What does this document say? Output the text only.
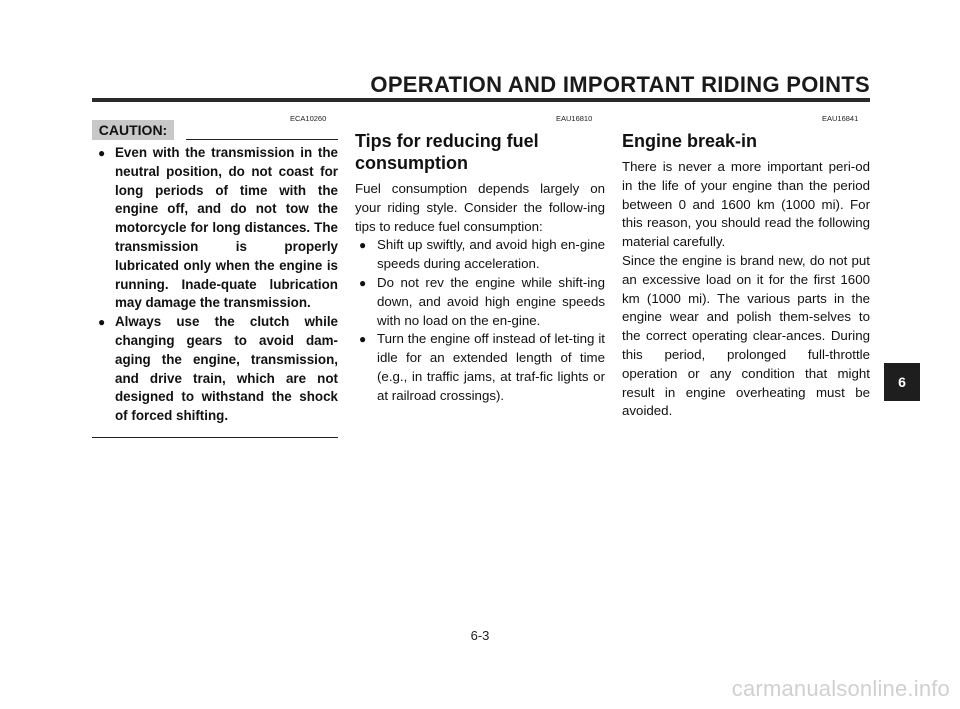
OPERATION AND IMPORTANT RIDING POINTS
ECA10260
CAUTION:
● Even with the transmission in the neutral position, do not coast for long periods of time with the engine off, and do not tow the motorcycle for long distances. The transmission is properly lubricated only when the engine is running. Inade-quate lubrication may damage the transmission.
● Always use the clutch while changing gears to avoid dam-aging the engine, transmission, and drive train, which are not designed to withstand the shock of forced shifting.
EAU16810
Tips for reducing fuel consumption

Fuel consumption depends largely on your riding style. Consider the follow-ing tips to reduce fuel consumption:

● Shift up swiftly, and avoid high en-gine speeds during acceleration.
● Do not rev the engine while shift-ing down, and avoid high engine speeds with no load on the en-gine.
● Turn the engine off instead of let-ting it idle for an extended length of time (e.g., in traffic jams, at traf-fic lights or at railroad crossings).
EAU16841
Engine break-in

There is never a more important peri-od in the life of your engine than the period between 0 and 1600 km (1000 mi). For this reason, you should read the following material carefully.

Since the engine is brand new, do not put an excessive load on it for the first 1600 km (1000 mi). The various parts in the engine wear and polish them-selves to the correct operating clear-ances. During this period, prolonged full-throttle operation or any condition that might result in engine overheating must be avoided.

6
6-3
carmanualsonline.info
